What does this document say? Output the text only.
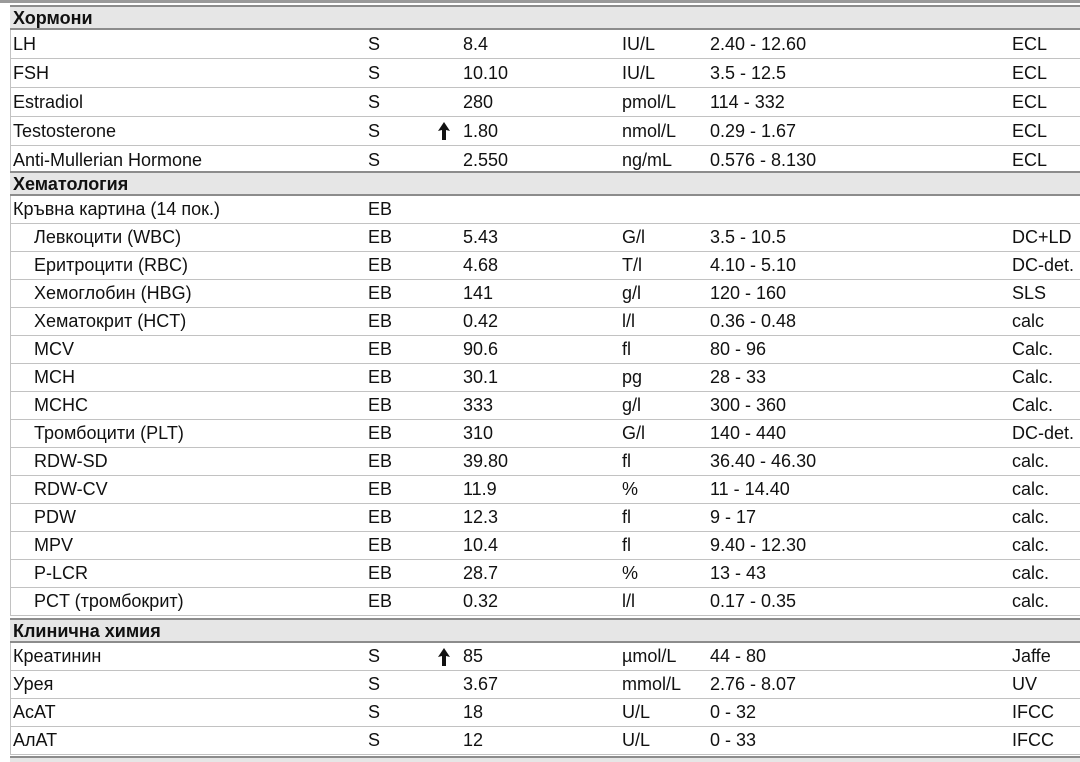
Хормони
LH	S	8.4	IU/L	2.40 - 12.60	ECL
FSH	S	10.10	IU/L	3.5 - 12.5	ECL
Estradiol	S	280	pmol/L 114 - 332	ECL
Testosterone	S	1.80	nmol/L 0.29 - 1.67	ECL
Anti-Mullerian Hormone	S	2.550	ng/mL 0.576 - 8.130	ECL
Хематология
Кръвна картина (14 пок.)	EB
Левкоцити (WBC)	EB	5.43	G/l	3.5 - 10.5	DC+LD
Еритроцити (RBC)	EB	4.68	T/l	4.10 - 5.10	DC-det.
Хемоглобин (HBG)	EB	141	g/l	120 - 160	SLS
Хематокрит (HCT)	EB	0.42	l/l	0.36 - 0.48	calc
MCV	EB	90.6	fl	80 - 96	Calc.
MCH	EB	30.1	pg	28 - 33	Calc.
MCHC	EB	333	g/l	300 - 360	Calc.
Тромбоцити (PLT)	EB	310	G/l	140 - 440	DC-det.
RDW-SD	EB	39.80	fl	36.40 - 46.30	calc.
RDW-CV	EB	11.9	%	11 - 14.40	calc.
PDW	EB	12.3	fl	9 - 17	calc.
MPV	EB	10.4	fl	9.40 - 12.30	calc.
P-LCR	EB	28.7	%	13 - 43	calc.
PCT (тромбокрит)	EB	0.32	l/l	0.17 - 0.35	calc.
Клинична химия
Креатинин	S	85	µmol/L 44 - 80	Jaffe
Урея	S	3.67	mmol/L 2.76 - 8.07	UV
AcAT	S	18	U/L	0 - 32	IFCC
АлAT	S	12	U/L	0 - 33	IFCC
